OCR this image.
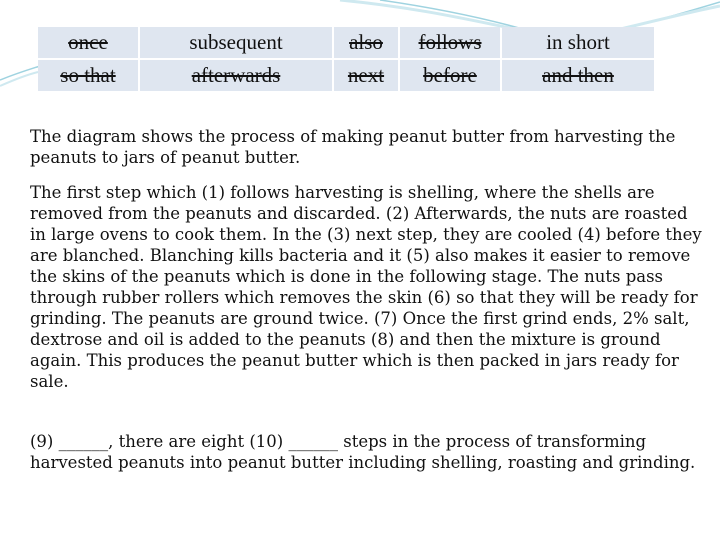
once	subsequent	also	follows	in short
so that	afterwards	next	before	and then

The diagram shows the process of making peanut butter from harvesting the peanuts to jars of peanut butter.

The first step which (1) follows harvesting is shelling, where the shells are removed from the peanuts and discarded. (2) Afterwards, the nuts are roasted in large ovens to cook them. In the (3) next step, they are cooled (4) before they are blanched. Blanching kills bacteria and it (5) also makes it easier to remove the skins of the peanuts which is done in the following stage. The nuts pass through rubber rollers which removes the skin (6) so that they will be ready for grinding. The peanuts are ground twice. (7) Once the first grind ends, 2% salt, dextrose and oil is added to the peanuts (8) and then the mixture is ground again. This produces the peanut butter which is then packed in jars ready for sale.

(9) ______, there are eight (10) ______ steps in the process of transforming harvested peanuts into peanut butter including shelling, roasting and grinding.
